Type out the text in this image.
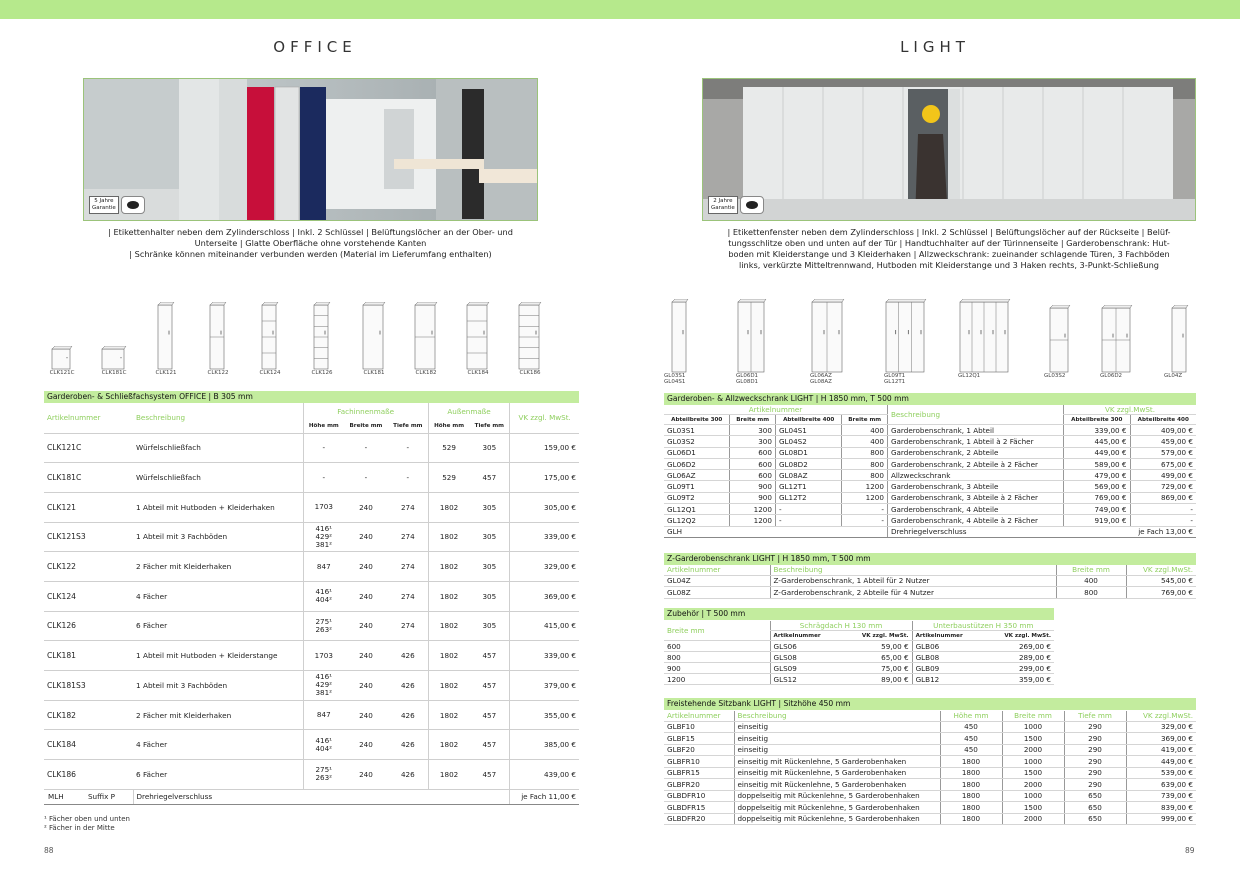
OFFICE
5 Jahre
Garantie
| Etikettenhalter neben dem Zylinderschloss | Inkl. 2 Schlüssel | Belüftungslöcher an der Ober- und
Unterseite | Glatte Oberfläche ohne vorstehende Kanten
| Schränke können miteinander verbunden werden (Material im Lieferumfang enthalten)
CLK121C	CLK181C	CLK121	CLK122	CLK124	CLK126	CLK181	CLK182	CLK184	CLK186
Garderoben- & Schließfachsystem OFFICE | B 305 mm
Artikelnummer	Beschreibung	Fachinnenmaße			Außenmaße		VK zzgl. MwSt.
		Höhe mm	Breite mm	Tiefe mm	Höhe mm	Tiefe mm	
CLK121C	Würfelschließfach	-	-	-	529	305	159,00 €
CLK181C	Würfelschließfach	-	-	-	529	457	175,00 €
CLK121	1 Abteil mit Hutboden + Kleiderhaken	1703	240	274	1802	305	305,00 €
CLK121S3	1 Abteil mit 3 Fachböden	416¹
429²
381²	240	274	1802	305	339,00 €
CLK122	2 Fächer mit Kleiderhaken	847	240	274	1802	305	329,00 €
CLK124	4 Fächer	416¹
404²	240	274	1802	305	369,00 €
CLK126	6 Fächer	275¹
263²	240	274	1802	305	415,00 €
CLK181	1 Abteil mit Hutboden + Kleiderstange	1703	240	426	1802	457	339,00 €
CLK181S3	1 Abteil mit 3 Fachböden	416¹
429²
381²	240	426	1802	457	379,00 €
CLK182	2 Fächer mit Kleiderhaken	847	240	426	1802	457	355,00 €
CLK184	4 Fächer	416¹
404²	240	426	1802	457	385,00 €
CLK186	6 Fächer	275¹
263²	240	426	1802	457	439,00 €
MLH Suffix P	Drehriegelverschluss						je Fach 11,00 €
¹ Fächer oben und unten
² Fächer in der Mitte
88
LIGHT
2 Jahre
Garantie
| Etikettenfenster neben dem Zylinderschloss | Inkl. 2 Schlüssel | Belüftungslöcher auf der Rückseite | Belüf-
tungsschlitze oben und unten auf der Tür | Handtuchhalter auf der Türinnenseite | Garderobenschrank: Hut-
boden mit Kleiderstange und 3 Kleiderhaken | Allzweckschrank: zueinander schlagende Türen, 3 Fachböden
links, verkürzte Mitteltrennwand, Hutboden mit Kleiderstange und 3 Haken rechts, 3-Punkt-Schließung
GL03S1
GL04S1
GL06D1
GL08D1
GL06AZ
GL08AZ
GL09T1
GL12T1
GL12Q1	GL03S2	GL06D2	GL04Z
Garderoben- & Allzweckschrank LIGHT | H 1850 mm, T 500 mm
Artikelnummer				Beschreibung	VK zzgl.MwSt.	
Abteilbreite 300	Breite mm	Abteilbreite 400	Breite mm		Abteilbreite 300	Abteilbreite 400
GL03S1	300	GL04S1	400	Garderobenschrank, 1 Abteil	339,00 €	409,00 €
GL03S2	300	GL04S2	400	Garderobenschrank, 1 Abteil à 2 Fächer	445,00 €	459,00 €
GL06D1	600	GL08D1	800	Garderobenschrank, 2 Abteile	449,00 €	579,00 €
GL06D2	600	GL08D2	800	Garderobenschrank, 2 Abteile à 2 Fächer	589,00 €	675,00 €
GL06AZ	600	GL08AZ	800	Allzweckschrank	479,00 €	499,00 €
GL09T1	900	GL12T1	1200	Garderobenschrank, 3 Abteile	569,00 €	729,00 €
GL09T2	900	GL12T2	1200	Garderobenschrank, 3 Abteile à 2 Fächer	769,00 €	869,00 €
GL12Q1	1200	-	-	Garderobenschrank, 4 Abteile	749,00 €	-
GL12Q2	1200	-	-	Garderobenschrank, 4 Abteile à 2 Fächer	919,00 €	-
GLH				Drehriegelverschluss	je Fach 13,00 €	
Z-Garderobenschrank LIGHT | H 1850 mm, T 500 mm
Artikelnummer	Beschreibung	Breite mm	VK zzgl.MwSt.
GL04Z	Z-Garderobenschrank, 1 Abteil für 2 Nutzer	400	545,00 €
GL08Z	Z-Garderobenschrank, 2 Abteile für 4 Nutzer	800	769,00 €
Zubehör | T 500 mm
Breite mm	Schrägdach H 130 mm		Unterbaustützen H 350 mm	
	Artikelnummer	VK zzgl. MwSt.	Artikelnummer	VK zzgl. MwSt.
600	GLS06	59,00 €	GLB06	269,00 €
800	GLS08	65,00 €	GLB08	289,00 €
900	GLS09	75,00 €	GLB09	299,00 €
1200	GLS12	89,00 €	GLB12	359,00 €
Freistehende Sitzbank LIGHT | Sitzhöhe 450 mm
Artikelnummer	Beschreibung	Höhe mm	Breite mm	Tiefe mm	VK zzgl.MwSt.
GLBF10	einseitig	450	1000	290	329,00 €
GLBF15	einseitig	450	1500	290	369,00 €
GLBF20	einseitig	450	2000	290	419,00 €
GLBFR10	einseitig mit Rückenlehne, 5 Garderobenhaken	1800	1000	290	449,00 €
GLBFR15	einseitig mit Rückenlehne, 5 Garderobenhaken	1800	1500	290	539,00 €
GLBFR20	einseitig mit Rückenlehne, 5 Garderobenhaken	1800	2000	290	639,00 €
GLBDFR10	doppelseitig mit Rückenlehne, 5 Garderobenhaken	1800	1000	650	739,00 €
GLBDFR15	doppelseitig mit Rückenlehne, 5 Garderobenhaken	1800	1500	650	839,00 €
GLBDFR20	doppelseitig mit Rückenlehne, 5 Garderobenhaken	1800	2000	650	999,00 €
89
